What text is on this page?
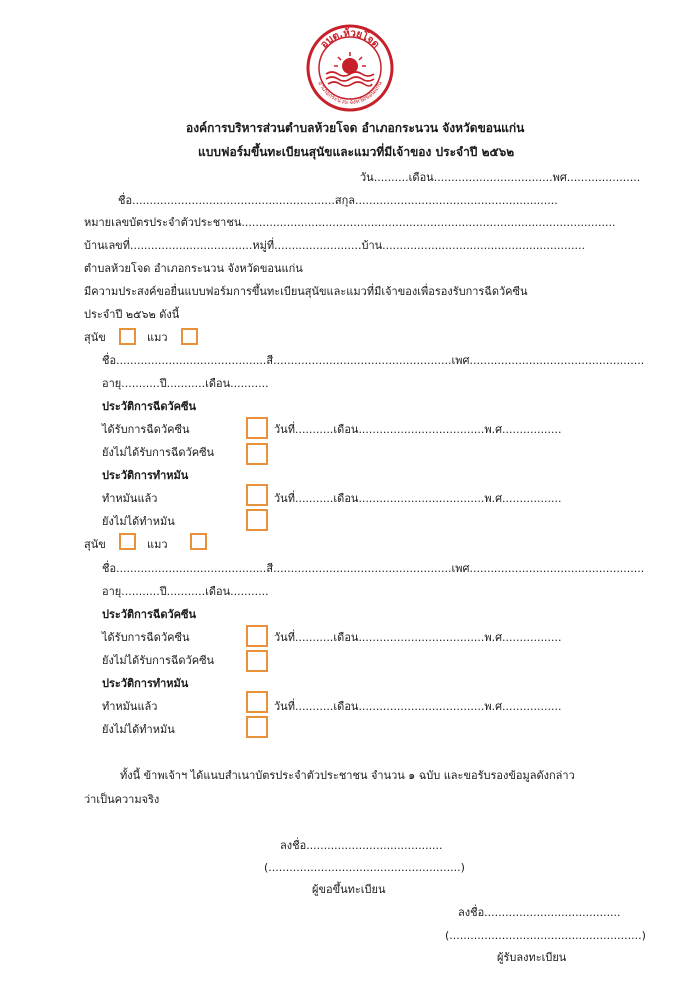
อบต.ห้วยโจด
อำเภอกระนวน จังหวัดขอนแก่น
องค์การบริหารส่วนตำบลห้วยโจด อำเภอกระนวน จังหวัดขอนแก่น
แบบฟอร์มขึ้นทะเบียนสุนัขและแมวที่มีเจ้าของ ประจำปี ๒๕๖๒
วัน..........เดือน..................................พศ.....................
ชื่อ..........................................................สกุล..........................................................
หมายเลขบัตรประจำตัวประชาชน...........................................................................................................
บ้านเลขที่...................................หมู่ที่.........................บ้าน..........................................................
ตำบลห้วยโจด อำเภอกระนวน จังหวัดขอนแก่น
มีความประสงค์ขอยื่นแบบฟอร์มการขึ้นทะเบียนสุนัขและแมวที่มีเจ้าของเพื่อรองรับการฉีดวัคซีน
ประจำปี ๒๕๖๒ ดังนี้
สุนัข	แมว
ชื่อ...........................................สี...................................................เพศ..................................................
อายุ...........ปี...........เดือน...........
ประวัติการฉีดวัคซีน
ได้รับการฉีดวัคซีน	วันที่...........เดือน....................................พ.ศ.................
ยังไม่ได้รับการฉีดวัคซีน
ประวัติการทำหมัน
ทำหมันแล้ว	วันที่...........เดือน....................................พ.ศ.................
ยังไม่ได้ทำหมัน
สุนัข	แมว
ชื่อ...........................................สี...................................................เพศ..................................................
อายุ...........ปี...........เดือน...........
ประวัติการฉีดวัคซีน
ได้รับการฉีดวัคซีน	วันที่...........เดือน....................................พ.ศ.................
ยังไม่ได้รับการฉีดวัคซีน
ประวัติการทำหมัน
ทำหมันแล้ว	วันที่...........เดือน....................................พ.ศ.................
ยังไม่ได้ทำหมัน
ทั้งนี้ ข้าพเจ้าฯ ได้แนบสำเนาบัตรประจำตัวประชาชน จำนวน ๑ ฉบับ และขอรับรองข้อมูลดังกล่าว
ว่าเป็นความจริง
ลงชื่อ.......................................
(.......................................................)
ผู้ขอขึ้นทะเบียน
ลงชื่อ.......................................
(.......................................................)
ผู้รับลงทะเบียน
